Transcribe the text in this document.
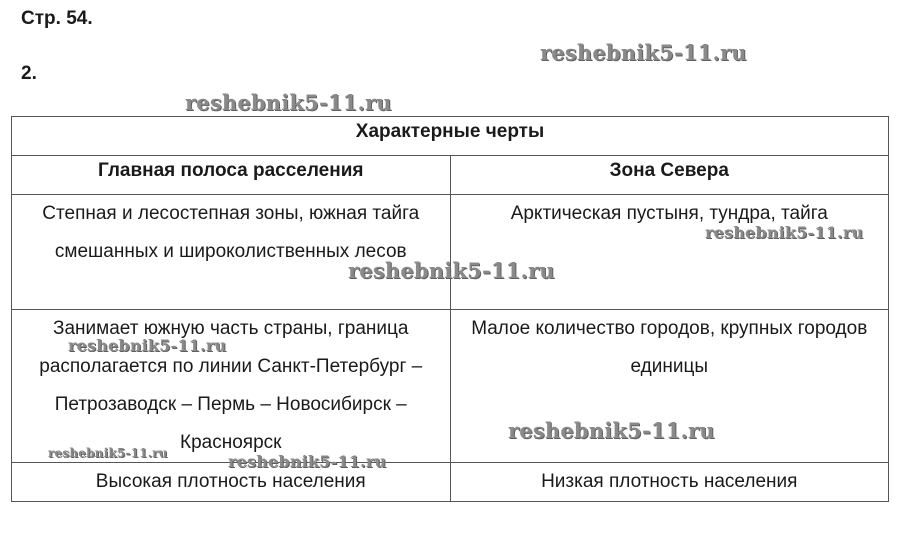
Стр. 54.
2.
Характерные черты	
Главная полоса расселения	Зона Севера
Степная и лесостепная зоны, южная тайга смешанных и широколиственных лесов	Арктическая пустыня, тундра, тайга
Занимает южную часть страны, граница располагается по линии Санкт-Петербург – Петрозаводск – Пермь – Новосибирск – Красноярск	Малое количество городов, крупных городов единицы
Высокая плотность населения	Низкая плотность населения
reshebnik5-11.ru
reshebnik5-11.ru
reshebnik5-11.ru
reshebnik5-11.ru
reshebnik5-11.ru
reshebnik5-11.ru
reshebnik5-11.ru	reshebnik5-11.ru
